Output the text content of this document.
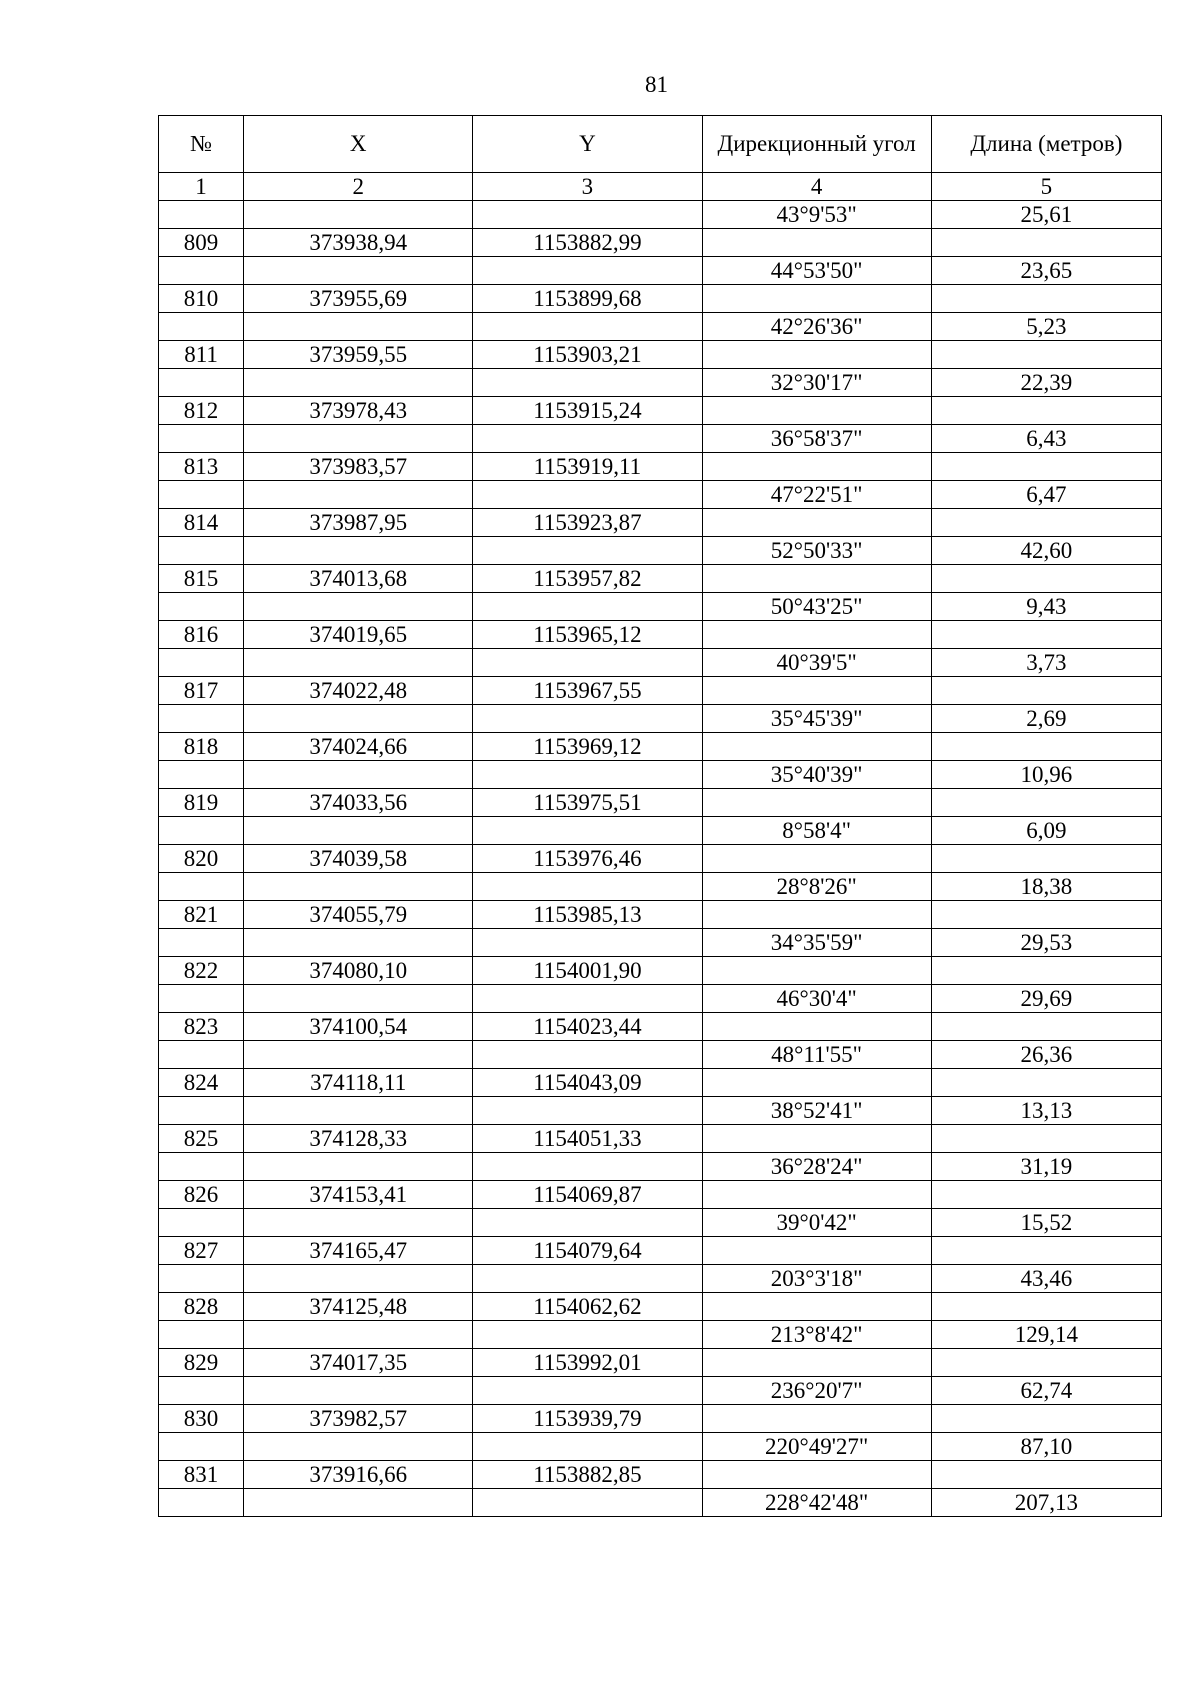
81
№	X	Y	Дирекционный угол	Длина (метров)
1	2	3	4	5
			43°9'53"	25,61
809	373938,94	1153882,99		
			44°53'50"	23,65
810	373955,69	1153899,68		
			42°26'36"	5,23
811	373959,55	1153903,21		
			32°30'17"	22,39
812	373978,43	1153915,24		
			36°58'37"	6,43
813	373983,57	1153919,11		
			47°22'51"	6,47
814	373987,95	1153923,87		
			52°50'33"	42,60
815	374013,68	1153957,82		
			50°43'25"	9,43
816	374019,65	1153965,12		
			40°39'5"	3,73
817	374022,48	1153967,55		
			35°45'39"	2,69
818	374024,66	1153969,12		
			35°40'39"	10,96
819	374033,56	1153975,51		
			8°58'4"	6,09
820	374039,58	1153976,46		
			28°8'26"	18,38
821	374055,79	1153985,13		
			34°35'59"	29,53
822	374080,10	1154001,90		
			46°30'4"	29,69
823	374100,54	1154023,44		
			48°11'55"	26,36
824	374118,11	1154043,09		
			38°52'41"	13,13
825	374128,33	1154051,33		
			36°28'24"	31,19
826	374153,41	1154069,87		
			39°0'42"	15,52
827	374165,47	1154079,64		
			203°3'18"	43,46
828	374125,48	1154062,62		
			213°8'42"	129,14
829	374017,35	1153992,01		
			236°20'7"	62,74
830	373982,57	1153939,79		
			220°49'27"	87,10
831	373916,66	1153882,85		
			228°42'48"	207,13
